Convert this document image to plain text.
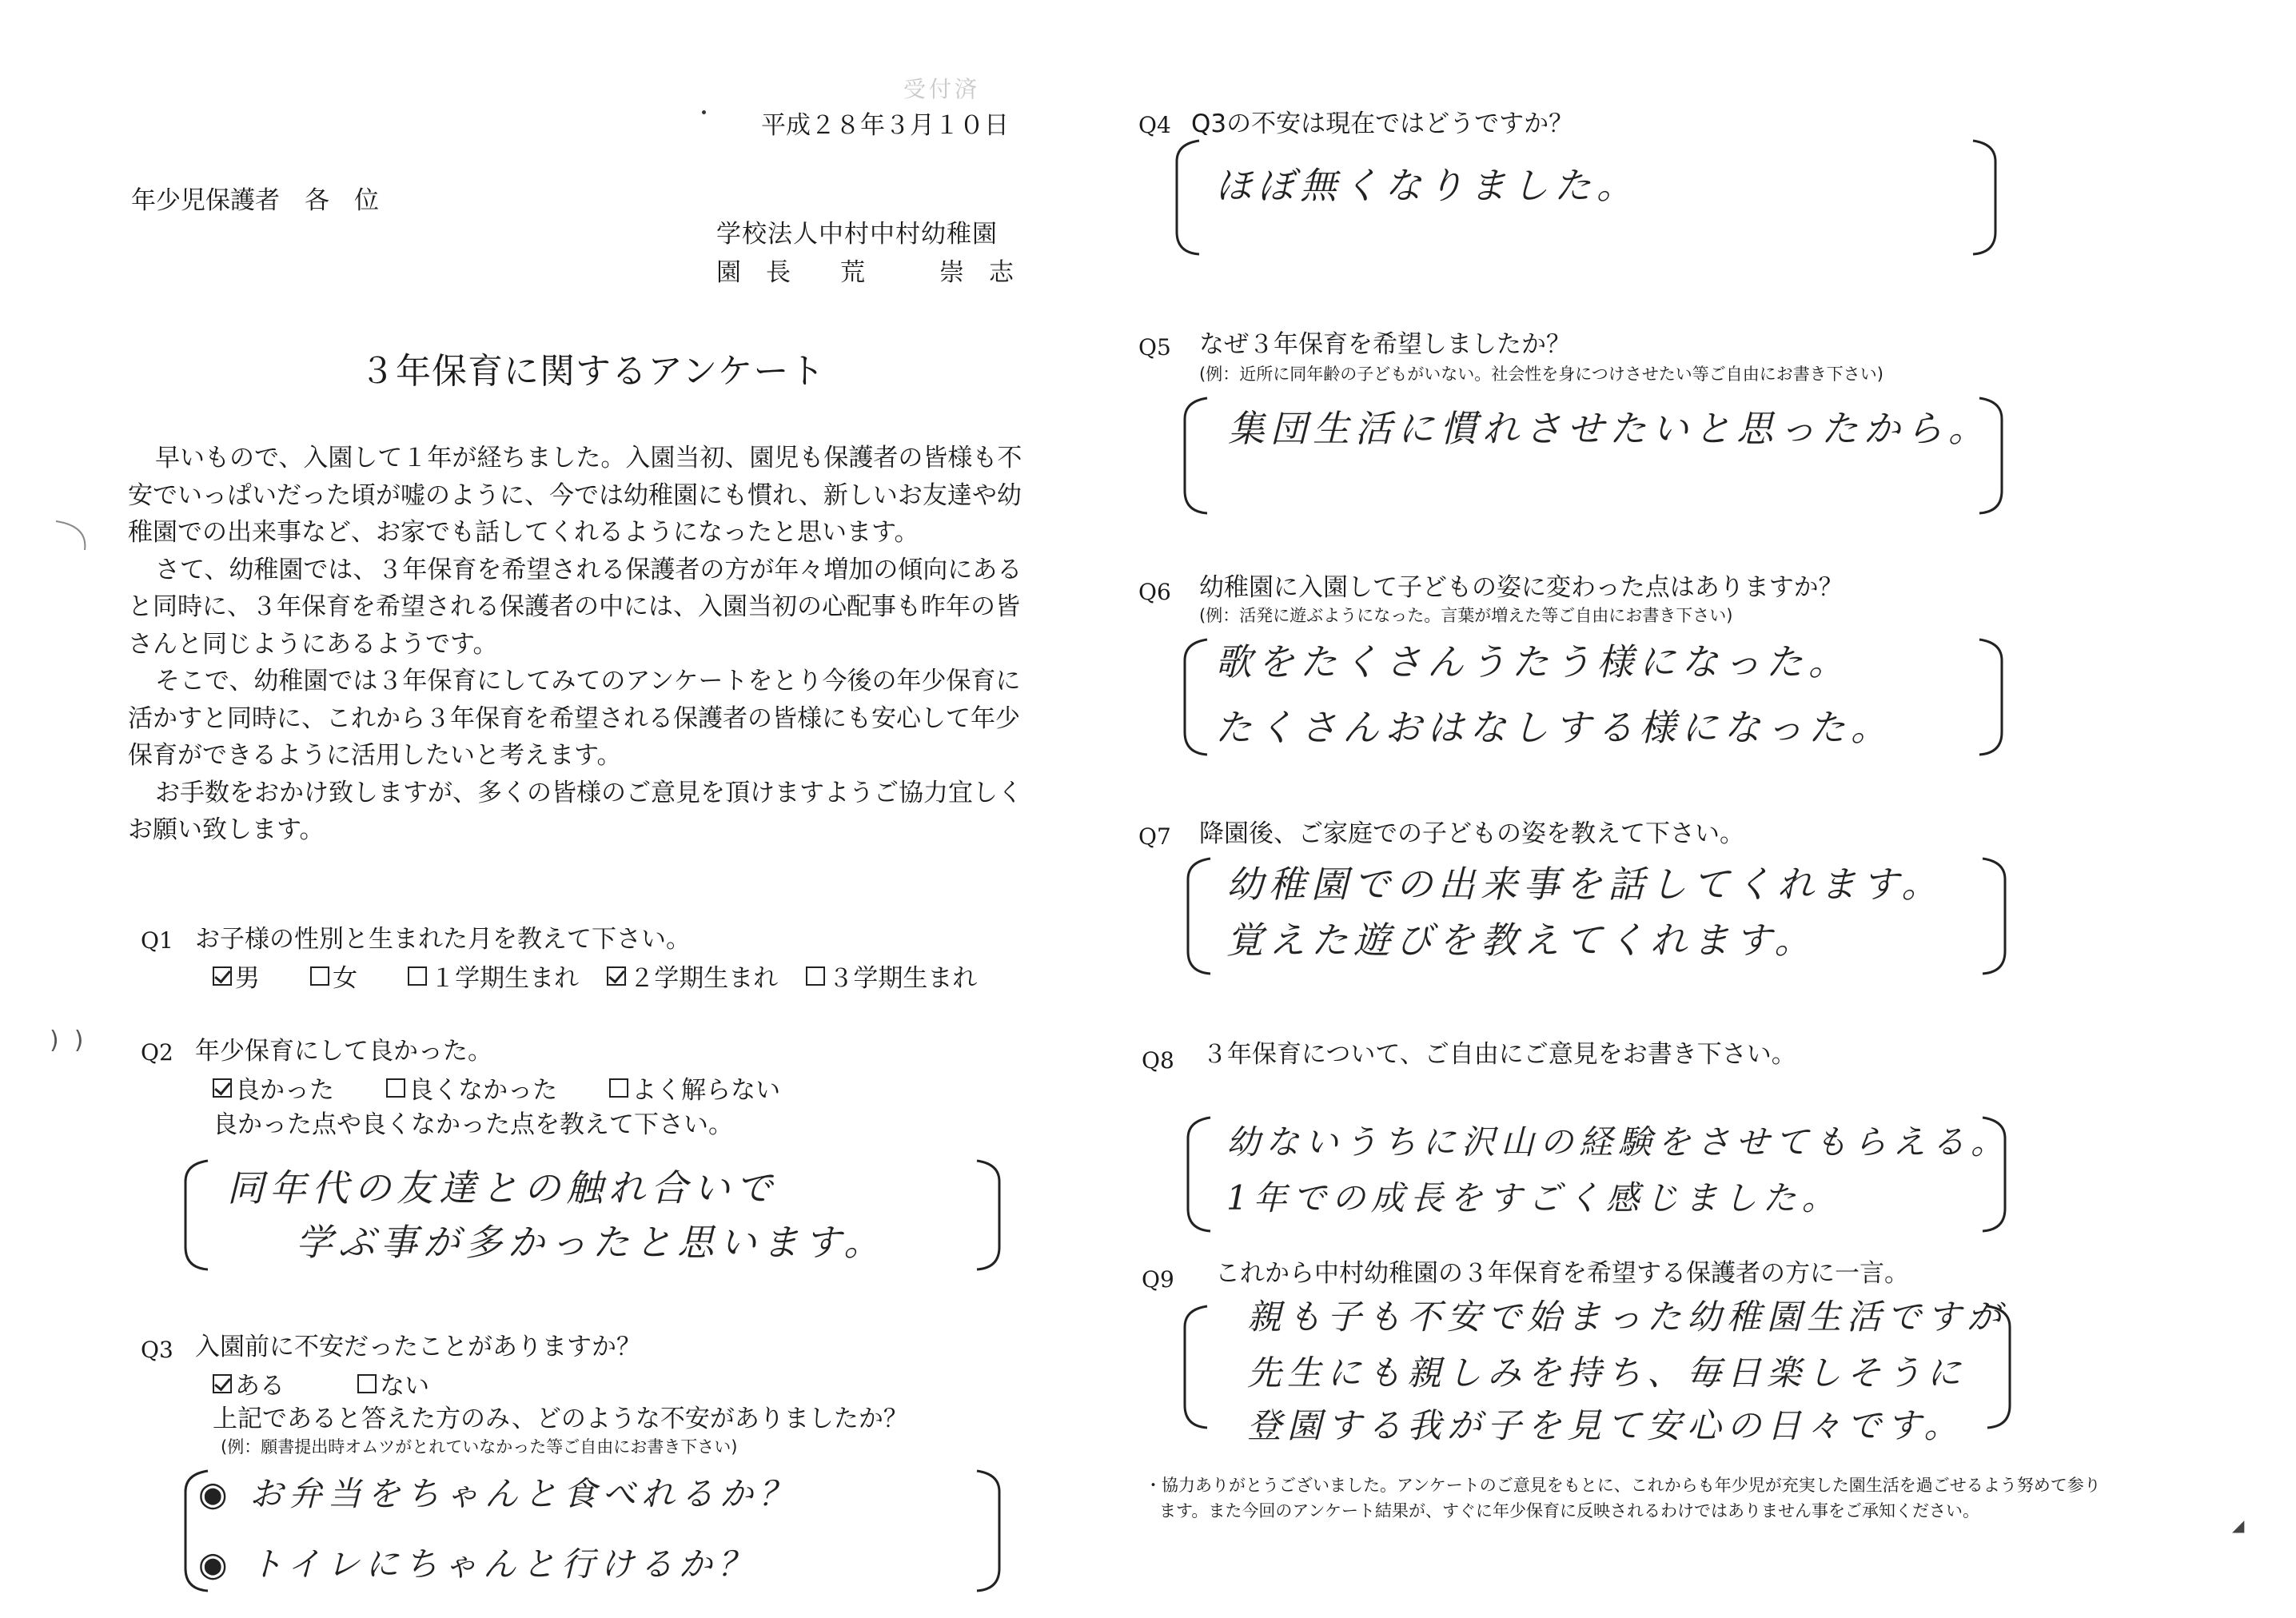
受付済
平成２８年３月１０日
年少児保護者　各　位
学校法人中村中村幼稚園
園　長　　荒　　　崇　志
３年保育に関するアンケート

早いもので、入園して１年が経ちました。入園当初、園児も保護者の皆様も不安でいっぱいだった頃が嘘のように、今では幼稚園にも慣れ、新しいお友達や幼稚園での出来事など、お家でも話してくれるようになったと思います。

さて、幼稚園では、３年保育を希望される保護者の方が年々増加の傾向にあると同時に、３年保育を希望される保護者の中には、入園当初の心配事も昨年の皆さんと同じようにあるようです。

そこで、幼稚園では３年保育にしてみてのアンケートをとり今後の年少保育に活かすと同時に、これから３年保育を希望される保護者の皆様にも安心して年少保育ができるように活用したいと考えます。

お手数をおかけ致しますが、多くの皆様のご意見を頂けますようご協力宜しくお願い致します。

)  )
Q1 お子様の性別と生まれた月を教えて下さい。
男
	女
	１学期生まれ
２学期生まれ
３学期生まれ
Q2 年少保育にして良かった。
良かった
	良くなかった
	よく解らない
良かった点や良くなかった点を教えて下さい。
同年代の友達との触れ合いで
学ぶ事が多かったと思います。
Q3 入園前に不安だったことがありますか？
ある
	ない
上記であると答えた方のみ、どのような不安がありましたか？
(例：願書提出時オムツがとれていなかった等ご自由にお書き下さい)
◉ お弁当をちゃんと食べれるか？
◉ トイレにちゃんと行けるか？
Q4 Q3の不安は現在ではどうですか？
ほぼ無くなりました。
Q5 なぜ３年保育を希望しましたか？
(例：近所に同年齢の子どもがいない。社会性を身につけさせたい等ご自由にお書き下さい)
集団生活に慣れさせたいと思ったから。
Q6 幼稚園に入園して子どもの姿に変わった点はありますか？
(例：活発に遊ぶようになった。言葉が増えた等ご自由にお書き下さい)
歌をたくさんうたう様になった。
たくさんおはなしする様になった。
Q7 降園後、ご家庭での子どもの姿を教えて下さい。
幼稚園での出来事を話してくれます。
覚えた遊びを教えてくれます。
Q8 ３年保育について、ご自由にご意見をお書き下さい。
幼ないうちに沢山の経験をさせてもらえる。
1年での成長をすごく感じました。
Q9 これから中村幼稚園の３年保育を希望する保護者の方に一言。
親も子も不安で始まった幼稚園生活ですが
先生にも親しみを持ち、毎日楽しそうに
登園する我が子を見て安心の日々です。
・協力ありがとうございました。アンケートのご意見をもとに、これからも年少児が充実した園生活を過ごせるよう努めて参り
ます。また今回のアンケート結果が、すぐに年少保育に反映されるわけではありません事をご承知ください。
◢
